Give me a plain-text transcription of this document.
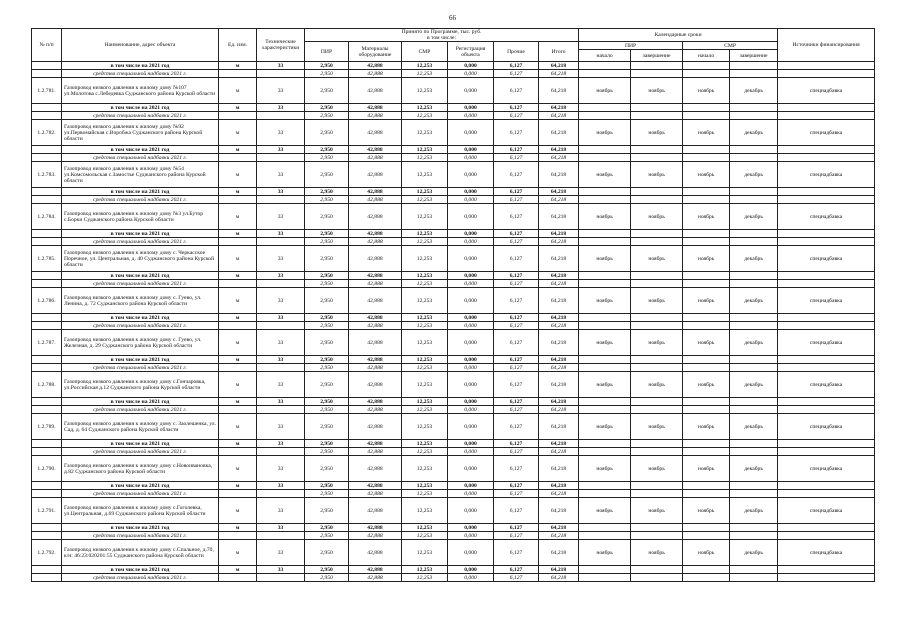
66
№ п/п	Наименование, адрес объекта	Ед. изм.	Технические характеристики	Принято по Программе, тыс. руб.
в том числе:						Календарные сроки				Источники финансирования
				ПИР	Материалы оборудование	СМР	Регистрация объекта	Прочие	Итого	ПИР		СМР		
										начало	завершение	начало	завершение	
	в том числе на 2021 год	м	33	2,950	42,888	12,253	0,000	6,127	64,218					
	средства специальной надбавки 2021 г.			2,950	42,888	12,253	0,000	6,127	64,218					
1.2.781.	Газопровод низкого давления к жилому дому №107 ул.Молотова с.Лебедевка Суджанского района Курской области	м	33	2,950	42,888	12,253	0,000	6,127	64,218	ноябрь	ноябрь	ноябрь	декабрь	спецнадбавка
	в том числе на 2021 год	м	33	2,950	42,888	12,253	0,000	6,127	64,218					
	средства специальной надбавки 2021 г.			2,950	42,888	12,253	0,000	6,127	64,218					
1.2.782.	Газопровод низкого давления к жилому дому №92 ул.Первомайская с.Воробжа Суджанского района Курской области	м	33	2,950	42,888	12,253	0,000	6,127	64,218	ноябрь	ноябрь	ноябрь	декабрь	спецнадбавка
	в том числе на 2021 год	м	33	2,950	42,888	12,253	0,000	6,127	64,218					
	средства специальной надбавки 2021 г.			2,950	42,888	12,253	0,000	6,127	64,218					
1.2.783.	Газопровод низкого давления к жилому дому №54 ул.Комсомольская с.Замостье Суджанского района Курской области	м	33	2,950	42,888	12,253	0,000	6,127	64,218	ноябрь	ноябрь	ноябрь	декабрь	спецнадбавка
	в том числе на 2021 год	м	33	2,950	42,888	12,253	0,000	6,127	64,218					
	средства специальной надбавки 2021 г.			2,950	42,888	12,253	0,000	6,127	64,218					
1.2.784.	Газопровод низкого давления к жилому дому №3 ул.Бутор с.Борки Суджанского района Курской области	м	33	2,950	42,888	12,253	0,000	6,127	64,218	ноябрь	ноябрь	ноябрь	декабрь	спецнадбавка
	в том числе на 2021 год	м	33	2,950	42,888	12,253	0,000	6,127	64,218					
	средства специальной надбавки 2021 г.			2,950	42,888	12,253	0,000	6,127	64,218					
1.2.785.	Газопровод низкого давления к жилому дому с. Черкасское Поречное, ул. Центральная, д. 40 Суджанского района Курской области	м	33	2,950	42,888	12,253	0,000	6,127	64,218	ноябрь	ноябрь	ноябрь	декабрь	спецнадбавка
	в том числе на 2021 год	м	33	2,950	42,888	12,253	0,000	6,127	64,218					
	средства специальной надбавки 2021 г.			2,950	42,888	12,253	0,000	6,127	64,218					
1.2.786.	Газопровод низкого давления к жилому дому с. Гуево, ул. Ленина, д. 72 Суджанского района Курской области	м	33	2,950	42,888	12,253	0,000	6,127	64,218	ноябрь	ноябрь	ноябрь	декабрь	спецнадбавка
	в том числе на 2021 год	м	33	2,950	42,888	12,253	0,000	6,127	64,218					
	средства специальной надбавки 2021 г.			2,950	42,888	12,253	0,000	6,127	64,218					
1.2.787.	Газопровод низкого давления к жилому дому с. Гуево, ул. Железная, д. 29 Суджанского района Курской области	м	33	2,950	42,888	12,253	0,000	6,127	64,218	ноябрь	ноябрь	ноябрь	декабрь	спецнадбавка
	в том числе на 2021 год	м	33	2,950	42,888	12,253	0,000	6,127	64,218					
	средства специальной надбавки 2021 г.			2,950	42,888	12,253	0,000	6,127	64,218					
1.2.788.	Газопровод низкого давления к жилому дому с.Гончаровка, ул.Российская д.12 Суджанского района Курской области	м	33	2,950	42,888	12,253	0,000	6,127	64,218	ноябрь	ноябрь	ноябрь	декабрь	спецнадбавка
	в том числе на 2021 год	м	33	2,950	42,888	12,253	0,000	6,127	64,218					
	средства специальной надбавки 2021 г.			2,950	42,888	12,253	0,000	6,127	64,218					
1.2.789.	Газопровод низкого давления к жилому дому с. Заолешенка, ул. Сад, д. 64 Суджанского района Курской области	м	33	2,950	42,888	12,253	0,000	6,127	64,218	ноябрь	ноябрь	ноябрь	декабрь	спецнадбавка
	в том числе на 2021 год	м	33	2,950	42,888	12,253	0,000	6,127	64,218					
	средства специальной надбавки 2021 г.			2,950	42,888	12,253	0,000	6,127	64,218					
1.2.790.	Газопровод низкого давления к жилому дому с.Новоивановка, д.82 Суджанского района Курской области	м	33	2,950	42,888	12,253	0,000	6,127	64,218	ноябрь	ноябрь	ноябрь	декабрь	спецнадбавка
	в том числе на 2021 год	м	33	2,950	42,888	12,253	0,000	6,127	64,218					
	средства специальной надбавки 2021 г.			2,950	42,888	12,253	0,000	6,127	64,218					
1.2.791.	Газопровод низкого давления к жилому дому с.Гоголевка, ул.Центральная, д.69 Суджанского района Курской области	м	33	2,950	42,888	12,253	0,000	6,127	64,218	ноябрь	ноябрь	ноябрь	декабрь	спецнадбавка
	в том числе на 2021 год	м	33	2,950	42,888	12,253	0,000	6,127	64,218					
	средства специальной надбавки 2021 г.			2,950	42,888	12,253	0,000	6,127	64,218					
1.2.792.	Газопровод низкого давления к жилому дому с.Спальное, д.70, к/н: 46:23:020201:55 Суджанского района Курской области	м	33	2,950	42,888	12,253	0,000	6,127	64,218	ноябрь	ноябрь	ноябрь	декабрь	спецнадбавка
	в том числе на 2021 год	м	33	2,950	42,888	12,253	0,000	6,127	64,218					
	средства специальной надбавки 2021 г.			2,950	42,888	12,253	0,000	6,127	64,218					
